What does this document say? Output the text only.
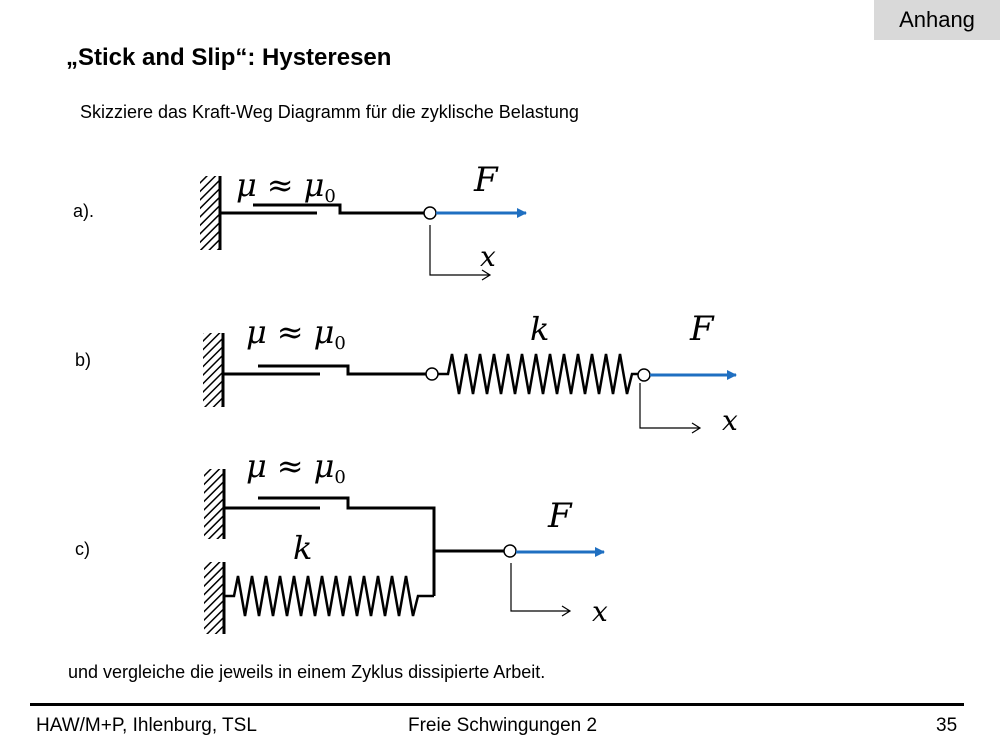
Anhang
„Stick and Slip“: Hysteresen
Skizziere das Kraft-Weg Diagramm für die zyklische Belastung
a).
b)
c)
μ ≈ μ0	F
x
μ ≈ μ0	k	F
x
μ ≈ μ0
k
F
x
und vergleiche die jeweils in einem Zyklus dissipierte Arbeit.
HAW/M+P, Ihlenburg, TSL	Freie Schwingungen 2	35
